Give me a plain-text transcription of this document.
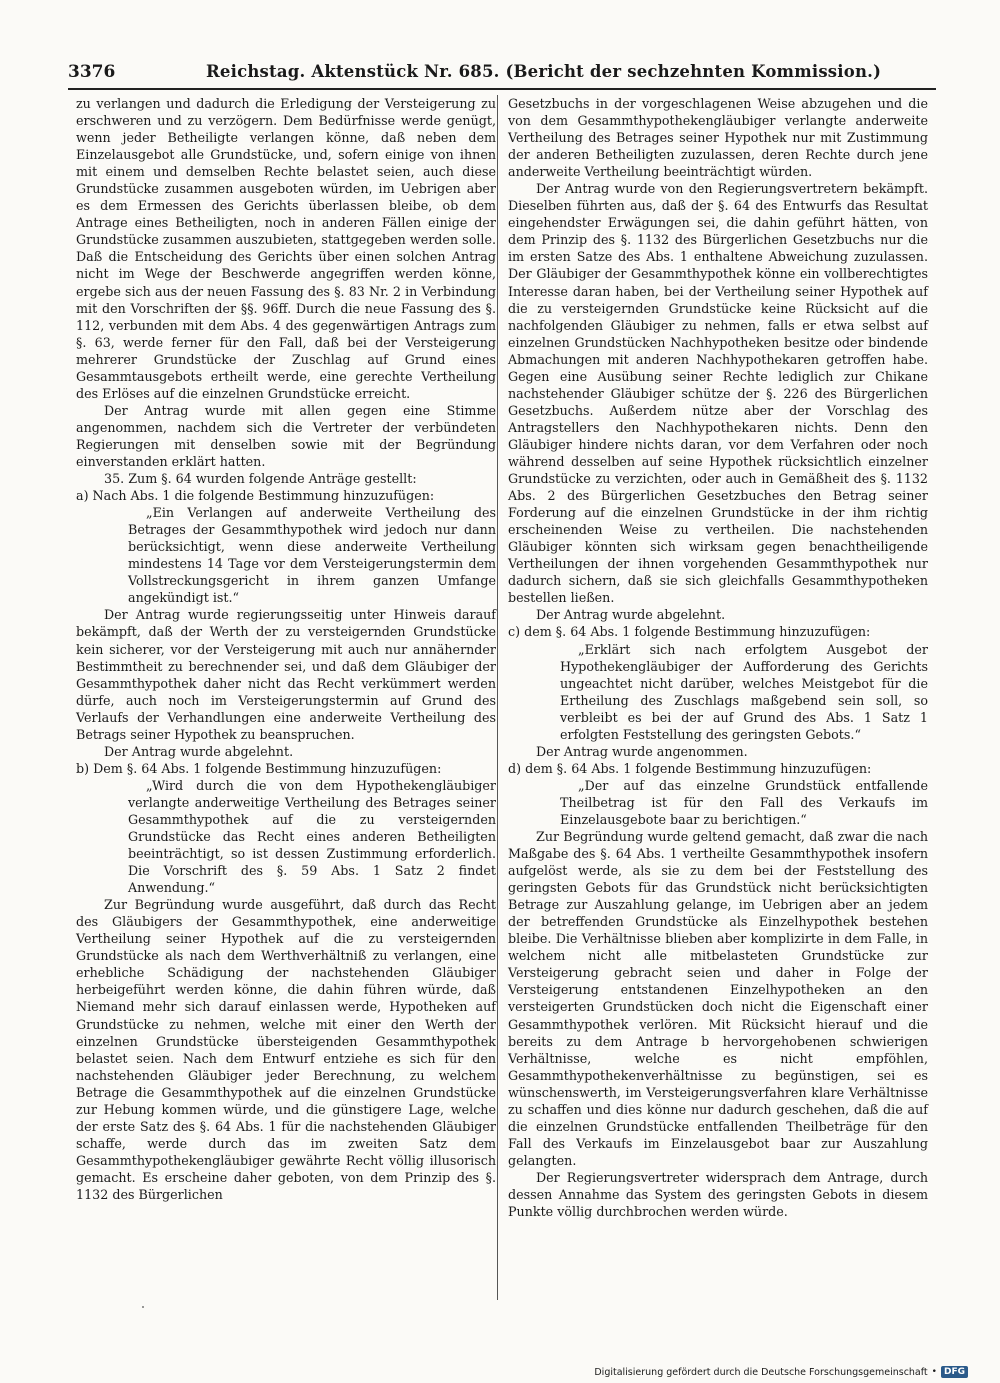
3376	Reichstag. Aktenstück Nr. 685. (Bericht der sechzehnten Kommission.)

zu verlangen und dadurch die Erledigung der Versteigerung zu erschweren und zu verzögern. Dem Bedürfnisse werde genügt, wenn jeder Betheiligte verlangen könne, daß neben dem Einzelausgebot alle Grundstücke, und, sofern einige von ihnen mit einem und demselben Rechte belastet seien, auch diese Grundstücke zusammen ausgeboten würden, im Uebrigen aber es dem Ermessen des Gerichts überlassen bleibe, ob dem Antrage eines Betheiligten, noch in anderen Fällen einige der Grundstücke zusammen auszubieten, stattgegeben werden solle. Daß die Entscheidung des Gerichts über einen solchen Antrag nicht im Wege der Beschwerde angegriffen werden könne, ergebe sich aus der neuen Fassung des §. 83 Nr. 2 in Verbindung mit den Vorschriften der §§. 96ff. Durch die neue Fassung des §. 112, verbunden mit dem Abs. 4 des gegenwärtigen Antrags zum §. 63, werde ferner für den Fall, daß bei der Versteigerung mehrerer Grundstücke der Zuschlag auf Grund eines Gesammtausgebots ertheilt werde, eine gerechte Vertheilung des Erlöses auf die einzelnen Grundstücke erreicht.

Der Antrag wurde mit allen gegen eine Stimme angenommen, nachdem sich die Vertreter der verbündeten Regierungen mit denselben sowie mit der Begründung einverstanden erklärt hatten.

35. Zum §. 64 wurden folgende Anträge gestellt:

a) Nach Abs. 1 die folgende Bestimmung hinzuzufügen:

„Ein Verlangen auf anderweite Vertheilung des Betrages der Gesammthypothek wird jedoch nur dann berücksichtigt, wenn diese anderweite Vertheilung mindestens 14 Tage vor dem Versteigerungstermin dem Vollstreckungsgericht in ihrem ganzen Umfange angekündigt ist.“

Der Antrag wurde regierungsseitig unter Hinweis darauf bekämpft, daß der Werth der zu versteigernden Grundstücke kein sicherer, vor der Versteigerung mit auch nur annähernder Bestimmtheit zu berechnender sei, und daß dem Gläubiger der Gesammthypothek daher nicht das Recht verkümmert werden dürfe, auch noch im Versteigerungstermin auf Grund des Verlaufs der Verhandlungen eine anderweite Vertheilung des Betrags seiner Hypothek zu beanspruchen.

Der Antrag wurde abgelehnt.

b) Dem §. 64 Abs. 1 folgende Bestimmung hinzuzufügen:

„Wird durch die von dem Hypothekengläubiger verlangte anderweitige Vertheilung des Betrages seiner Gesammthypothek auf die zu versteigernden Grundstücke das Recht eines anderen Betheiligten beeinträchtigt, so ist dessen Zustimmung erforderlich. Die Vorschrift des §. 59 Abs. 1 Satz 2 findet Anwendung.“

Zur Begründung wurde ausgeführt, daß durch das Recht des Gläubigers der Gesammthypothek, eine anderweitige Vertheilung seiner Hypothek auf die zu versteigernden Grundstücke als nach dem Werthverhältniß zu verlangen, eine erhebliche Schädigung der nachstehenden Gläubiger herbeigeführt werden könne, die dahin führen würde, daß Niemand mehr sich darauf einlassen werde, Hypotheken auf Grundstücke zu nehmen, welche mit einer den Werth der einzelnen Grundstücke übersteigenden Gesammthypothek belastet seien. Nach dem Entwurf entziehe es sich für den nachstehenden Gläubiger jeder Berechnung, zu welchem Betrage die Gesammthypothek auf die einzelnen Grundstücke zur Hebung kommen würde, und die günstigere Lage, welche der erste Satz des §. 64 Abs. 1 für die nachstehenden Gläubiger schaffe, werde durch das im zweiten Satz dem Gesammthypothekengläubiger gewährte Recht völlig illusorisch gemacht. Es erscheine daher geboten, von dem Prinzip des §. 1132 des Bürgerlichen

Gesetzbuchs in der vorgeschlagenen Weise abzugehen und die von dem Gesammthypothekengläubiger verlangte anderweite Vertheilung des Betrages seiner Hypothek nur mit Zustimmung der anderen Betheiligten zuzulassen, deren Rechte durch jene anderweite Vertheilung beeinträchtigt würden.

Der Antrag wurde von den Regierungsvertretern bekämpft. Dieselben führten aus, daß der §. 64 des Entwurfs das Resultat eingehendster Erwägungen sei, die dahin geführt hätten, von dem Prinzip des §. 1132 des Bürgerlichen Gesetzbuchs nur die im ersten Satze des Abs. 1 enthaltene Abweichung zuzulassen. Der Gläubiger der Gesammthypothek könne ein vollberechtigtes Interesse daran haben, bei der Vertheilung seiner Hypothek auf die zu versteigernden Grundstücke keine Rücksicht auf die nachfolgenden Gläubiger zu nehmen, falls er etwa selbst auf einzelnen Grundstücken Nachhypotheken besitze oder bindende Abmachungen mit anderen Nachhypothekaren getroffen habe. Gegen eine Ausübung seiner Rechte lediglich zur Chikane nachstehender Gläubiger schütze der §. 226 des Bürgerlichen Gesetzbuchs. Außerdem nütze aber der Vorschlag des Antragstellers den Nachhypothekaren nichts. Denn den Gläubiger hindere nichts daran, vor dem Verfahren oder noch während desselben auf seine Hypothek rücksichtlich einzelner Grundstücke zu verzichten, oder auch in Gemäßheit des §. 1132 Abs. 2 des Bürgerlichen Gesetzbuches den Betrag seiner Forderung auf die einzelnen Grundstücke in der ihm richtig erscheinenden Weise zu vertheilen. Die nachstehenden Gläubiger könnten sich wirksam gegen benachtheiligende Vertheilungen der ihnen vorgehenden Gesammthypothek nur dadurch sichern, daß sie sich gleichfalls Gesammthypotheken bestellen ließen.

Der Antrag wurde abgelehnt.

c) dem §. 64 Abs. 1 folgende Bestimmung hinzuzufügen:

„Erklärt sich nach erfolgtem Ausgebot der Hypothekengläubiger der Aufforderung des Gerichts ungeachtet nicht darüber, welches Meistgebot für die Ertheilung des Zuschlags maßgebend sein soll, so verbleibt es bei der auf Grund des Abs. 1 Satz 1 erfolgten Feststellung des geringsten Gebots.“

Der Antrag wurde angenommen.

d) dem §. 64 Abs. 1 folgende Bestimmung hinzuzufügen:

„Der auf das einzelne Grundstück entfallende Theilbetrag ist für den Fall des Verkaufs im Einzelausgebote baar zu berichtigen.“

Zur Begründung wurde geltend gemacht, daß zwar die nach Maßgabe des §. 64 Abs. 1 vertheilte Gesammthypothek insofern aufgelöst werde, als sie zu dem bei der Feststellung des geringsten Gebots für das Grundstück nicht berücksichtigten Betrage zur Auszahlung gelange, im Uebrigen aber an jedem der betreffenden Grundstücke als Einzelhypothek bestehen bleibe. Die Verhältnisse blieben aber komplizirte in dem Falle, in welchem nicht alle mitbelasteten Grundstücke zur Versteigerung gebracht seien und daher in Folge der Versteigerung entstandenen Einzelhypotheken an den versteigerten Grundstücken doch nicht die Eigenschaft einer Gesammthypothek verlören. Mit Rücksicht hierauf und die bereits zu dem Antrage b hervorgehobenen schwierigen Verhältnisse, welche es nicht empföhlen, Gesammthypothekenverhältnisse zu begünstigen, sei es wünschenswerth, im Versteigerungsverfahren klare Verhältnisse zu schaffen und dies könne nur dadurch geschehen, daß die auf die einzelnen Grundstücke entfallenden Theilbeträge für den Fall des Verkaufs im Einzelausgebot baar zur Auszahlung gelangten.

Der Regierungsvertreter widersprach dem Antrage, durch dessen Annahme das System des geringsten Gebots in diesem Punkte völlig durchbrochen werden würde.

Digitalisierung gefördert durch die Deutsche Forschungsgemeinschaft • DFG
